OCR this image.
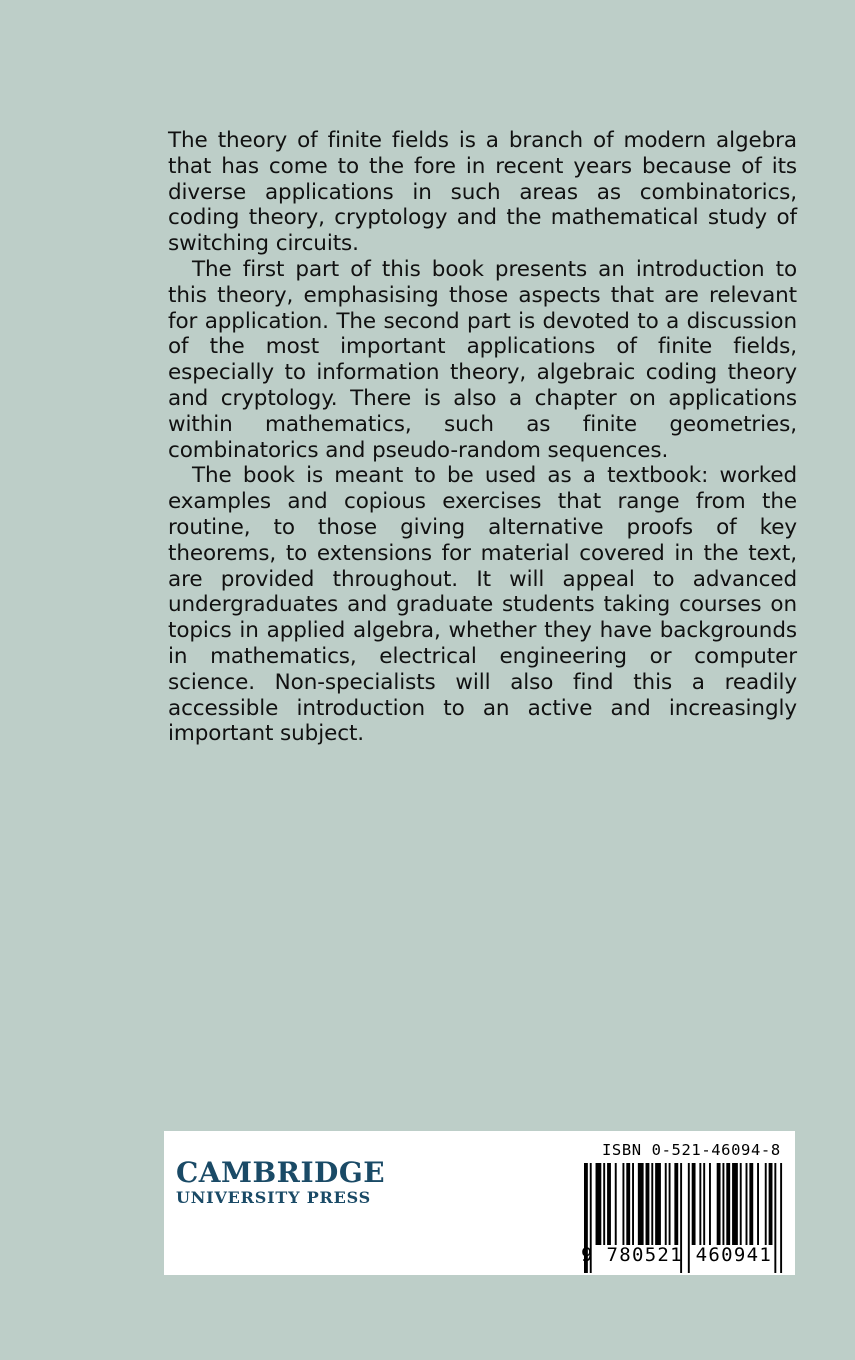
The theory of finite fields is a branch of modern algebra that has come to the fore in recent years because of its diverse applications in such areas as combinatorics, coding theory, cryptology and the mathematical study of switching circuits.

The first part of this book presents an introduction to this theory, emphasising those aspects that are relevant for application. The second part is devoted to a discussion of the most important applications of finite fields, especially to information theory, algebraic coding theory and cryptology. There is also a chapter on applications within mathematics, such as finite geometries, combinatorics and pseudo-random sequences.

The book is meant to be used as a textbook: worked examples and copious exercises that range from the routine, to those giving alternative proofs of key theorems, to extensions for material covered in the text, are provided throughout. It will appeal to advanced undergraduates and graduate students taking courses on topics in applied algebra, whether they have backgrounds in mathematics, electrical engineering or computer science. Non-specialists will also find this a readily accessible introduction to an active and increasingly important subject.

CAMBRIDGE
UNIVERSITY PRESS
ISBN 0-521-46094-8
9 780521 460941
